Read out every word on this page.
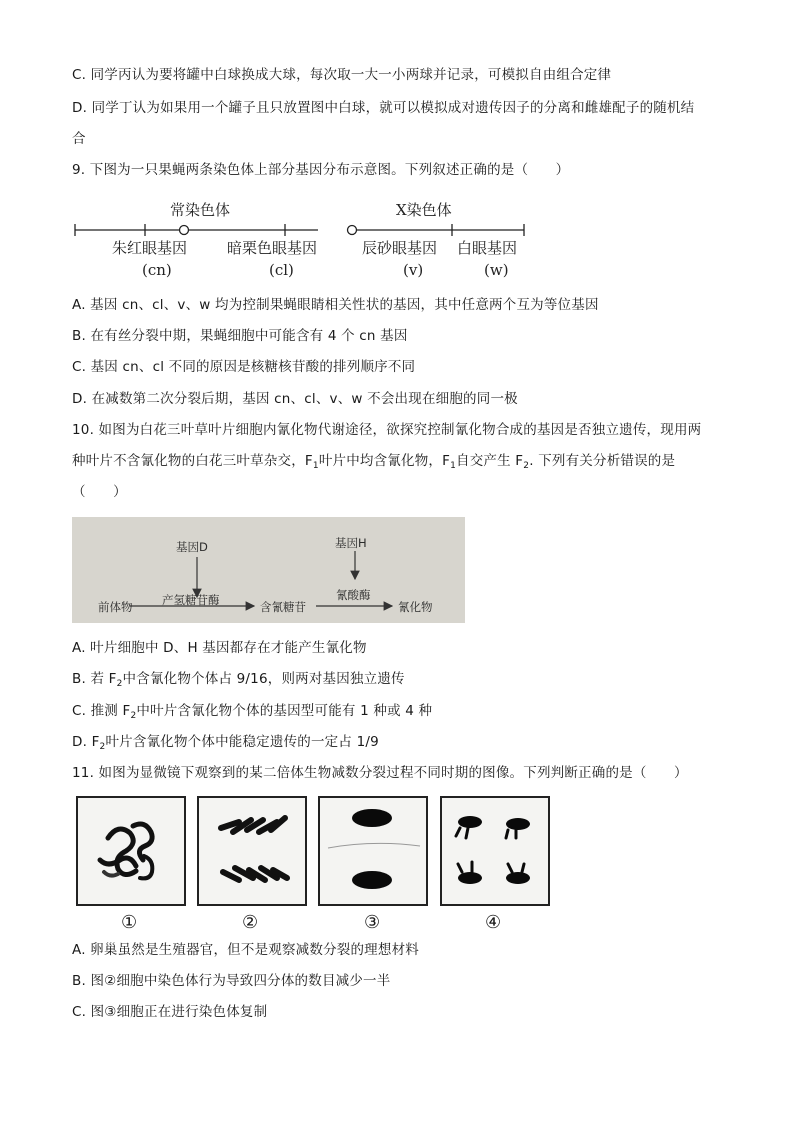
C. 同学丙认为要将罐中白球换成大球，每次取一大一小两球并记录，可模拟自由组合定律
D. 同学丁认为如果用一个罐子且只放置图中白球，就可以模拟成对遗传因子的分离和雌雄配子的随机结
合
9. 下图为一只果蝇两条染色体上部分基因分布示意图。下列叙述正确的是（　　）
常染色体	X染色体
朱红眼基因
(cn)
暗栗色眼基因
(cl)
辰砂眼基因
(v)
白眼基因
(w)
A. 基因 cn、cl、v、w 均为控制果蝇眼睛相关性状的基因，其中任意两个互为等位基因
B. 在有丝分裂中期，果蝇细胞中可能含有 4 个 cn 基因
C. 基因 cn、cl 不同的原因是核糖核苷酸的排列顺序不同
D. 在减数第二次分裂后期，基因 cn、cl、v、w 不会出现在细胞的同一极
10. 如图为白花三叶草叶片细胞内氰化物代谢途径，欲探究控制氰化物合成的基因是否独立遗传，现用两
种叶片不含氰化物的白花三叶草杂交，$F_1$叶片中均含氰化物，$F_1$自交产生 $F_2$. 下列有关分析错误的是
（　　）
基因D	基因H
产氢糖苷酶	氰酸酶
前体物	含氰糖苷	氰化物
A. 叶片细胞中 D、H 基因都存在才能产生氰化物
B. 若 $F_2$中含氰化物个体占 9/16，则两对基因独立遗传
C. 推测 $F_2$中叶片含氰化物个体的基因型可能有 1 种或 4 种
D. $F_2$叶片含氰化物个体中能稳定遗传的一定占 1/9
11. 如图为显微镜下观察到的某二倍体生物减数分裂过程不同时期的图像。下列判断正确的是（　　）
①	②	③	④
A. 卵巢虽然是生殖器官，但不是观察减数分裂的理想材料
B. 图②细胞中染色体行为导致四分体的数目减少一半
C. 图③细胞正在进行染色体复制
